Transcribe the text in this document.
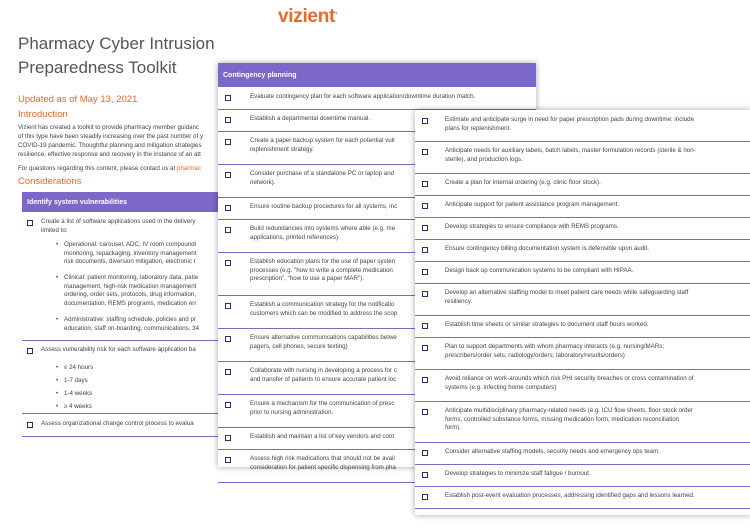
vizient.
Pharmacy Cyber Intrusion
Preparedness Toolkit
Updated as of May 13, 2021
Introduction
Vizient has created a toolkit to provide pharmacy member guidanc
of this type have been steadily increasing over the past number of y
COVID-19 pandemic. Thoughtful planning and mitigation strategies
resilience, effective response and recovery in the instance of an att
For questions regarding this content, please contact us at pharmac
Considerations
Identify system vulnerabilities
Create a list of software applications used in the delivery
limited to:
• Operational: carousel, ADC, IV room compoundi
monitoring, repackaging, inventory management
risk documents, diversion mitigation, electronic r
• Clinical: patient monitoring, laboratory data, patie
management, high-risk medication management
ordering, order sets, protocols, drug information,
documentation, REMS programs, medication err
• Administrative: staffing schedule, policies and pr
education, staff on-boarding, communications, 34
Assess vulnerability risk for each software application ba
• ≤ 24 hours
• 1-7 days
• 1-4 weeks
• ≥ 4 weeks
Assess organizational change control process to evalua
Contingency planning
Evaluate contingency plan for each software application/downtime duration match.
Establish a departmental downtime manual.
Create a paper backup system for each potential vulr
replenishment strategy.
Consider purchase of a standalone PC or laptop and
network).
Ensure routine backup procedures for all systems, inc
Build redundancies into systems where able (e.g. me
applications, printed references).
Establish education plans for the use of paper systen
processes (e.g. "how to write a complete medication
prescription", "how to use a paper MAR").
Establish a communication strategy for the notificatio
customers which can be modified to address the scop
Ensure alternative communications capabilities betwe
pagers, cell phones, secure texting)
Collaborate with nursing in developing a process for c
and transfer of patients to ensure accurate patient loc
Ensure a mechanism for the communication of presc
prior to nursing administration.
Establish and maintain a list of key vendors and cont
Assess high risk medications that should not be avail
consideration for patient specific dispensing from pha
Estimate and anticipate surge in need for paper prescription pads during downtime; include
plans for replenishment.
Anticipate needs for auxiliary labels, batch labels, master formulation records (sterile & non-
sterile), and production logs.
Create a plan for internal ordering (e.g. clinic floor stock).
Anticipate support for patient assistance program management.
Develop strategies to ensure compliance with REMS programs.
Ensure contingency billing documentation system is defensible upon audit.
Design back up communication systems to be compliant with HIPAA.
Develop an alternative staffing model to meet patient care needs while safeguarding staff
resiliency.
Establish time sheets or similar strategies to document staff hours worked.
Plan to support departments with whom pharmacy interacts (e.g. nursing/MARs;
prescribers/order sets; radiology/orders; laboratory/results/orders)
Avoid reliance on work-arounds which risk PHI security breaches or cross contamination of
systems (e.g. infecting home computers)
Anticipate multidisciplinary pharmacy-related needs (e.g. ICU flow sheets, floor stock order
forms, controlled substance forms, missing medication form, medication reconciliation
form).
Consider alternative staffing models, security needs and emergency ops team.
Develop strategies to minimize staff fatigue / burnout.
Establish post-event evaluation processes, addressing identified gaps and lessons learned.
